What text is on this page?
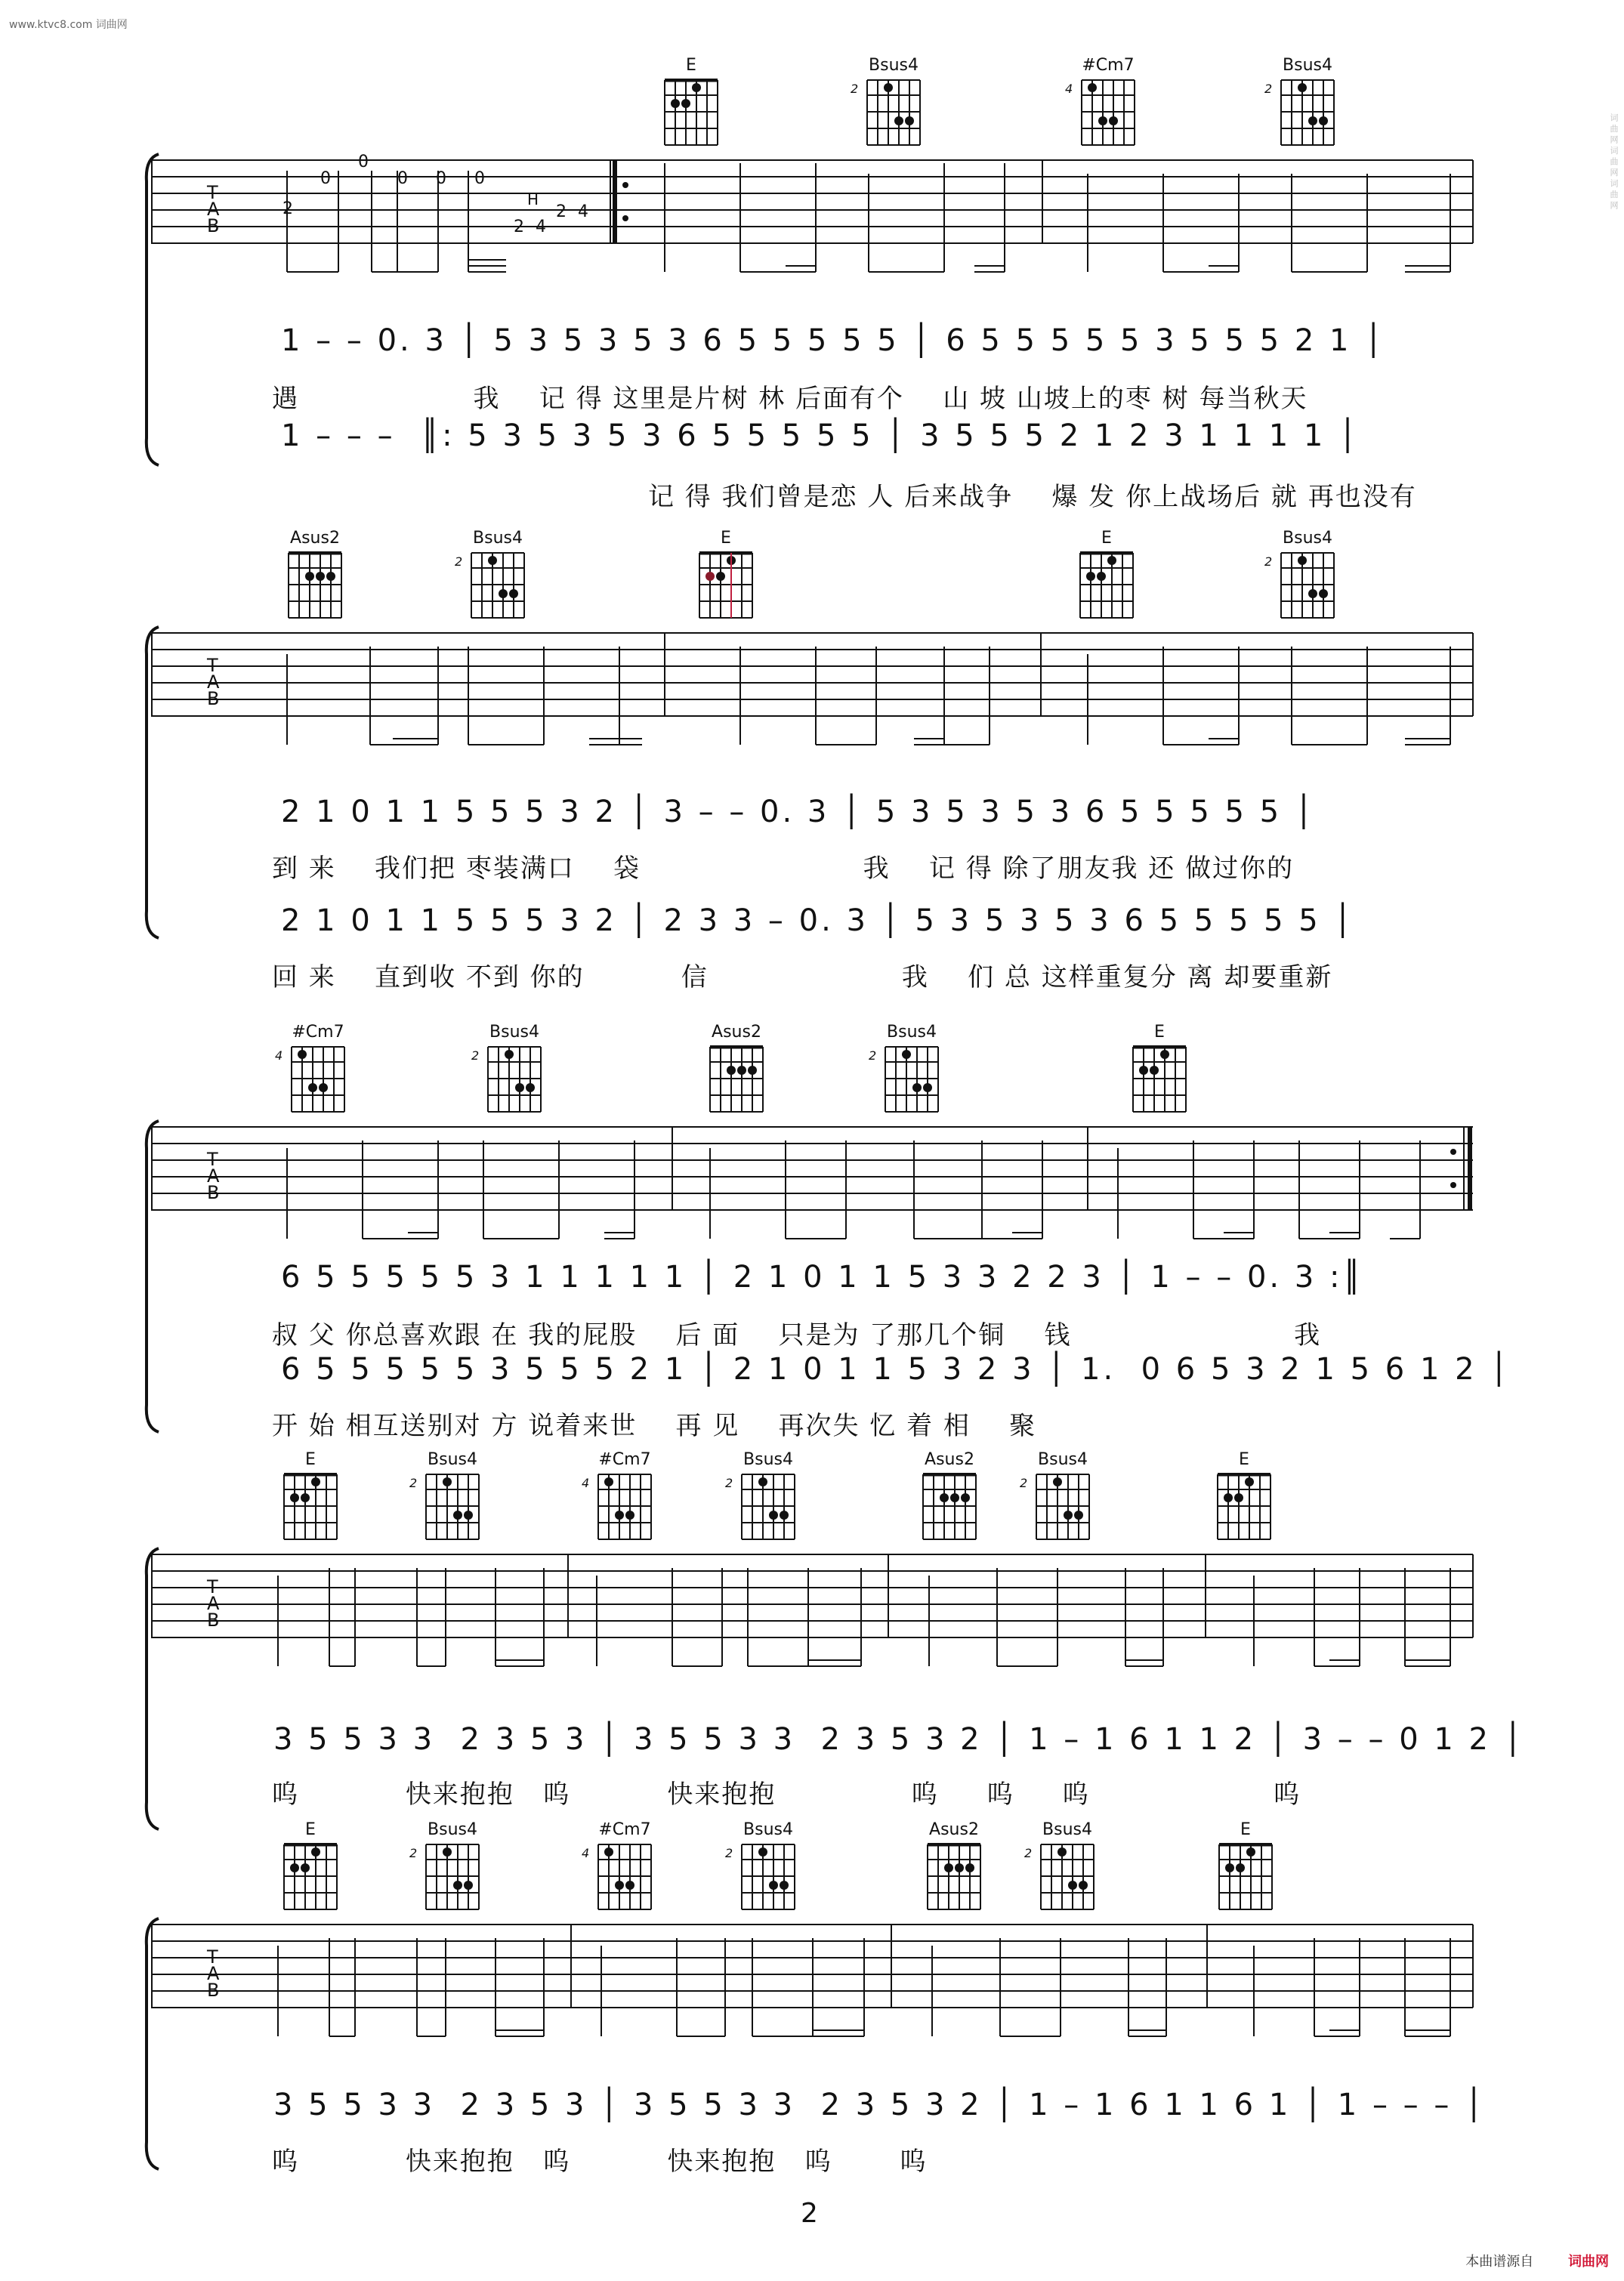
www.ktvc8.com 词曲网
词 曲 网 词 曲 网 词 曲 网
E	Bsus4
2
#Cm7
4
Bsus4
2
T
A
B
2
0
0
0 0 0
H
2 4
2 4
1 – – 0. 3 │ 5 3 5 3 5 3 6 5 5 5 5 5 │ 6 5 5 5 5 5 3 5 5 5 2 1 │
遇                  我    记 得 这里是片树 林 后面有个    山 坡 山坡上的枣 树 每当秋天
1 – – –  ║: 5 3 5 3 5 3 6 5 5 5 5 5 │ 3 5 5 5 2 1 2 3 1 1 1 1 │
记 得 我们曾是恋 人 后来战争    爆 发 你上战场后 就 再也没有
Asus2	Bsus4
2
E	E	Bsus4
2
T
A
B
2 1 0 1 1 5 5 5 3 2 │ 3 – – 0. 3 │ 5 3 5 3 5 3 6 5 5 5 5 5 │
到 来    我们把 枣装满口    袋                       我    记 得 除了朋友我 还 做过你的
2 1 0 1 1 5 5 5 3 2 │ 2 3 3 – 0. 3 │ 5 3 5 3 5 3 6 5 5 5 5 5 │
回 来    直到收 不到 你的          信                    我    们 总 这样重复分 离 却要重新
#Cm7
4
Bsus4
2
Asus2	Bsus4
2
E
T
A
B
6 5 5 5 5 5 3 1 1 1 1 1 │ 2 1 0 1 1 5 3 3 2 2 3 │ 1 – – 0. 3 :║
叔 父 你总喜欢跟 在 我的屁股    后 面    只是为 了那几个铜    钱                       我
6 5 5 5 5 5 3 5 5 5 2 1 │ 2 1 0 1 1 5 3 2 3 │ 1.  0 6 5 3 2 1 5 6 1 2 │
开 始 相互送别对 方 说着来世    再 见    再次失 忆 着 相    聚
E	Bsus4
2
#Cm7
4
Bsus4
2
Asus2	Bsus4
2
E
T
A
B
3 5 5 3 3  2 3 5 3 │ 3 5 5 3 3  2 3 5 3 2 │ 1 – 1 6 1 1 2 │ 3 – – 0 1 2 │
呜           快来抱抱   呜          快来抱抱              呜     呜     呜                   呜
E	Bsus4
2
#Cm7
4
Bsus4
2
Asus2	Bsus4
2
E
T
A
B
3 5 5 3 3  2 3 5 3 │ 3 5 5 3 3  2 3 5 3 2 │ 1 – 1 6 1 1 6 1 │ 1 – – – │
呜           快来抱抱   呜          快来抱抱   呜       呜
2
本曲谱源自	词曲网
